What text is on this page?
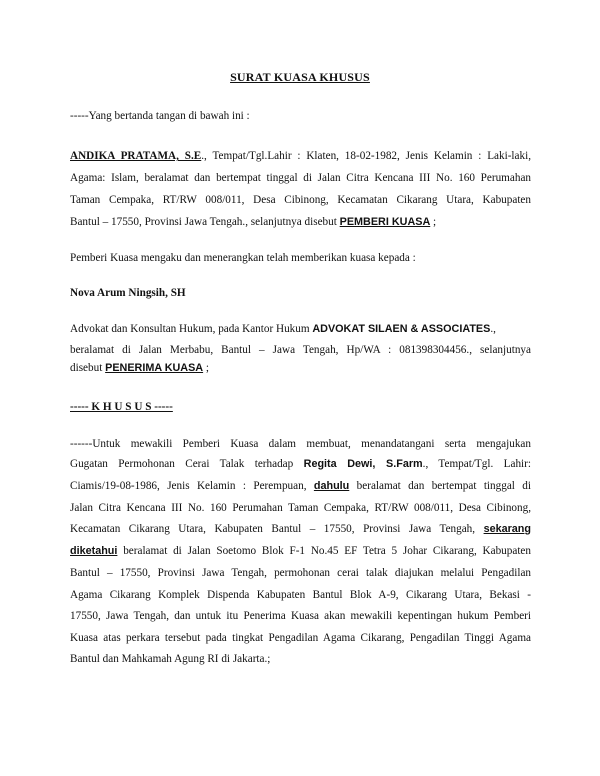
SURAT KUASA KHUSUS
-----Yang bertanda tangan di bawah ini :
ANDIKA PRATAMA, S.E., Tempat/Tgl.Lahir : Klaten, 18-02-1982, Jenis Kelamin : Laki-laki,
Agama: Islam, beralamat dan bertempat tinggal di Jalan Citra Kencana III No. 160 Perumahan
Taman Cempaka, RT/RW 008/011, Desa Cibinong, Kecamatan Cikarang Utara, Kabupaten
Bantul – 17550, Provinsi Jawa Tengah., selanjutnya disebut PEMBERI KUASA ;
Pemberi Kuasa mengaku dan menerangkan telah memberikan kuasa kepada :
Nova Arum Ningsih, SH
Advokat dan Konsultan Hukum, pada Kantor Hukum ADVOKAT SILAEN & ASSOCIATES.,
beralamat di Jalan Merbabu, Bantul – Jawa Tengah, Hp/WA : 081398304456., selanjutnya
disebut PENERIMA KUASA ;
----- K H U S U S -----
------Untuk mewakili Pemberi Kuasa dalam membuat, menandatangani serta mengajukan
Gugatan Permohonan Cerai Talak terhadap Regita Dewi, S.Farm., Tempat/Tgl. Lahir:
Ciamis/19-08-1986, Jenis Kelamin : Perempuan, dahulu beralamat dan bertempat tinggal di
Jalan Citra Kencana III No. 160 Perumahan Taman Cempaka, RT/RW 008/011, Desa Cibinong,
Kecamatan Cikarang Utara, Kabupaten Bantul – 17550, Provinsi Jawa Tengah, sekarang
diketahui beralamat di Jalan Soetomo Blok F-1 No.45 EF Tetra 5 Johar Cikarang, Kabupaten
Bantul – 17550, Provinsi Jawa Tengah, permohonan cerai talak diajukan melalui Pengadilan
Agama Cikarang Komplek Dispenda Kabupaten Bantul Blok A-9, Cikarang Utara, Bekasi -
17550, Jawa Tengah, dan untuk itu Penerima Kuasa akan mewakili kepentingan hukum Pemberi
Kuasa atas perkara tersebut pada tingkat Pengadilan Agama Cikarang, Pengadilan Tinggi Agama
Bantul dan Mahkamah Agung RI di Jakarta.;
